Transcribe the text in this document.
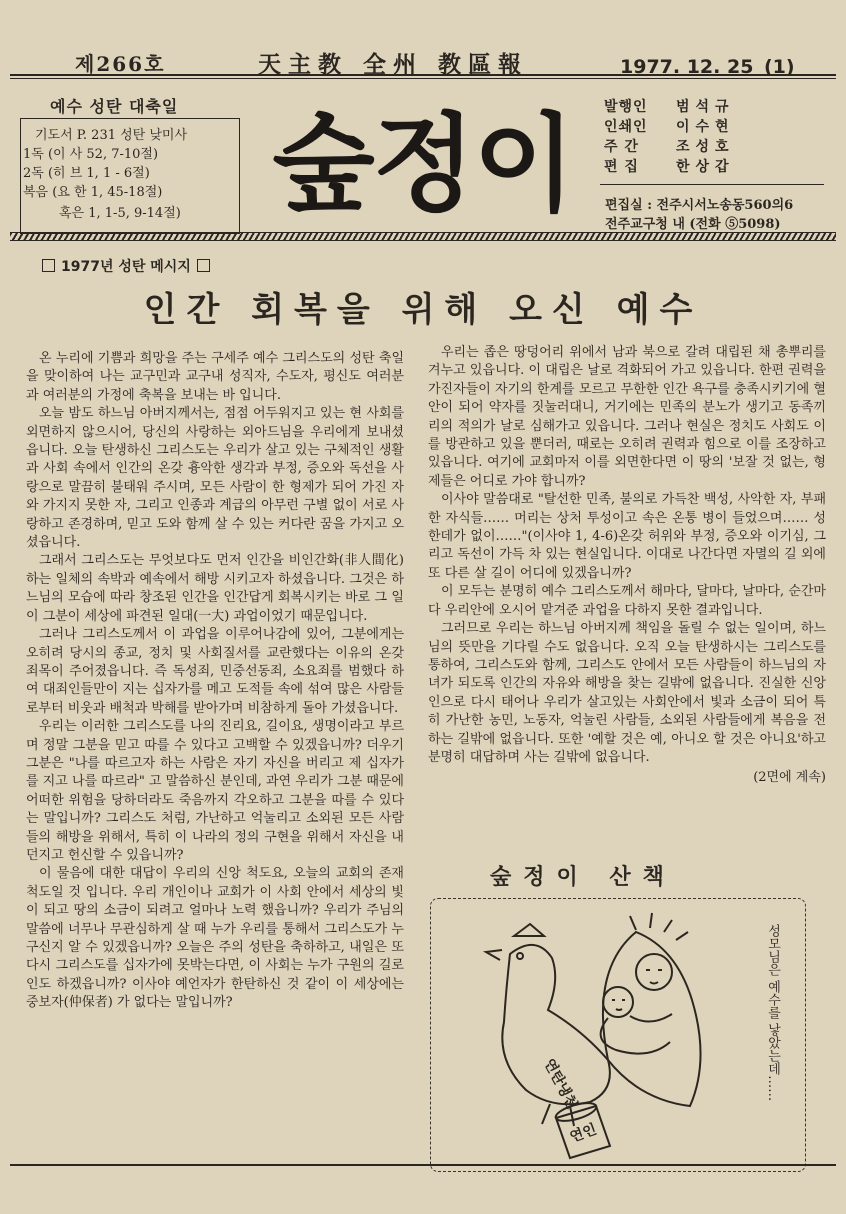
제266호	天主教 全州 教區報	1977. 12. 25 (1)
예수 성탄 대축일
기도서 P. 231 성탄 낮미사
1독 (이 사 52, 7-10절)
2독 (히 브 1, 1 - 6절)
복음 (요 한 1, 45-18절)
혹은 1, 1-5, 9-14절) 숲정이	발행인 범석규
인쇄인 이수현
주 간	조성호
편 집	한상갑
편집실 : 전주시서노송동560의6
전주교구청 내 (전화 ⑤5098)
1977년 성탄 메시지
인간 회복을 위해 오신 예수

온 누리에 기쁨과 희망을 주는 구세주 예수 그리스도의 성탄 축일을 맞이하여 나는 교구민과 교구내 성직자, 수도자, 평신도 여러분과 여러분의 가정에 축복을 보내는 바 입니다.

오늘 밤도 하느님 아버지께서는, 점점 어두워지고 있는 현 사회를 외면하지 않으시어, 당신의 사랑하는 외아드님을 우리에게 보내셨읍니다. 오늘 탄생하신 그리스도는 우리가 살고 있는 구체적인 생활과 사회 속에서 인간의 온갖 흉악한 생각과 부정, 증오와 독선을 사랑으로 말끔히 불태워 주시며, 모든 사람이 한 형제가 되어 가진 자와 가지지 못한 자, 그리고 인종과 계급의 아무런 구별 없이 서로 사랑하고 존경하며, 믿고 도와 함께 살 수 있는 커다란 꿈을 가지고 오셨읍니다.

그래서 그리스도는 무엇보다도 먼저 인간을 비인간화(非人間化)하는 일체의 속박과 예속에서 해방 시키고자 하셨읍니다. 그것은 하느님의 모습에 따라 창조된 인간을 인간답게 회복시키는 바로 그 일이 그분이 세상에 파견된 일대(一大) 과업이었기 때문입니다.

그러나 그리스도께서 이 과업을 이루어나감에 있어, 그분에게는 오히려 당시의 종교, 정치 및 사회질서를 교란했다는 이유의 온갖 죄목이 주어졌읍니다. 즉 독성죄, 민중선동죄, 소요죄를 범했다 하여 대죄인들만이 지는 십자가를 메고 도적들 속에 섞여 많은 사람들로부터 비웃과 배척과 박해를 받아가며 비참하게 돌아 가셨읍니다.

우리는 이러한 그리스도를 나의 진리요, 길이요, 생명이라고 부르며 정말 그분을 믿고 따를 수 있다고 고백할 수 있겠읍니까? 더우기 그분은 "나를 따르고자 하는 사람은 자기 자신을 버리고 제 십자가를 지고 나를 따르라" 고 말씀하신 분인데, 과연 우리가 그분 때문에 어떠한 위험을 당하더라도 죽음까지 각오하고 그분을 따를 수 있다는 말입니까? 그리스도 처럼, 가난하고 억눌리고 소외된 모든 사람들의 해방을 위해서, 특히 이 나라의 정의 구현을 위해서 자신을 내던지고 헌신할 수 있읍니까?

이 물음에 대한 대답이 우리의 신앙 척도요, 오늘의 교회의 존재 척도일 것 입니다. 우리 개인이나 교회가 이 사회 안에서 세상의 빛이 되고 땅의 소금이 되려고 얼마나 노력 했읍니까? 우리가 주님의 말씀에 너무나 무관심하게 살 때 누가 우리를 통해서 그리스도가 누구신지 알 수 있겠읍니까? 오늘은 주의 성탄을 축하하고, 내일은 또다시 그리스도를 십자가에 못박는다면, 이 사회는 누가 구원의 길로 인도 하겠읍니까? 이사야 예언자가 한탄하신 것 같이 이 세상에는 중보자(仲保者) 가 없다는 말입니까?

우리는 좁은 땅덩어리 위에서 남과 북으로 갈려 대립된 채 총뿌리를 겨누고 있읍니다. 이 대립은 날로 격화되어 가고 있읍니다. 한편 권력을 가진자들이 자기의 한계를 모르고 무한한 인간 욕구를 충족시키기에 혈안이 되어 약자를 짓눌러대니, 거기에는 민족의 분노가 생기고 동족끼리의 적의가 날로 심해가고 있읍니다. 그러나 현실은 정치도 사회도 이를 방관하고 있을 뿐더러, 때로는 오히려 권력과 힘으로 이를 조장하고 있읍니다. 여기에 교회마저 이를 외면한다면 이 땅의 '보잘 것 없는, 형제들은 어디로 가야 합니까?

이사야 말씀대로 "탈선한 민족, 불의로 가득찬 백성, 사악한 자, 부패한 자식들…… 머리는 상처 투성이고 속은 온통 병이 들었으며…… 성한데가 없이……"(이사야 1, 4-6)온갖 허위와 부정, 증오와 이기심, 그리고 독선이 가득 차 있는 현실입니다. 이대로 나간다면 자멸의 길 외에 또 다른 살 길이 어디에 있겠읍니까?

이 모두는 분명히 예수 그리스도께서 해마다, 달마다, 날마다, 순간마다 우리안에 오시어 맡겨준 과업을 다하지 못한 결과입니다.

그러므로 우리는 하느님 아버지께 책임을 돌릴 수 없는 일이며, 하느님의 뜻만을 기다릴 수도 없읍니다. 오직 오늘 탄생하시는 그리스도를 통하여, 그리스도와 함께, 그리스도 안에서 모든 사람들이 하느님의 자녀가 되도록 인간의 자유와 해방을 찾는 길밖에 없읍니다. 진실한 신앙인으로 다시 태어나 우리가 살고있는 사회안에서 빛과 소금이 되어 특히 가난한 농민, 노동자, 억눌린 사람들, 소외된 사람들에게 복음을 전하는 길밖에 없읍니다. 또한 '예할 것은 예, 아니오 할 것은 아니요'하고 분명히 대답하며 사는 길밖에 없읍니다.

(2면에 계속)
숲정이 산책
연탄냉천
연인
성모님은 예수를 낳았는데……
